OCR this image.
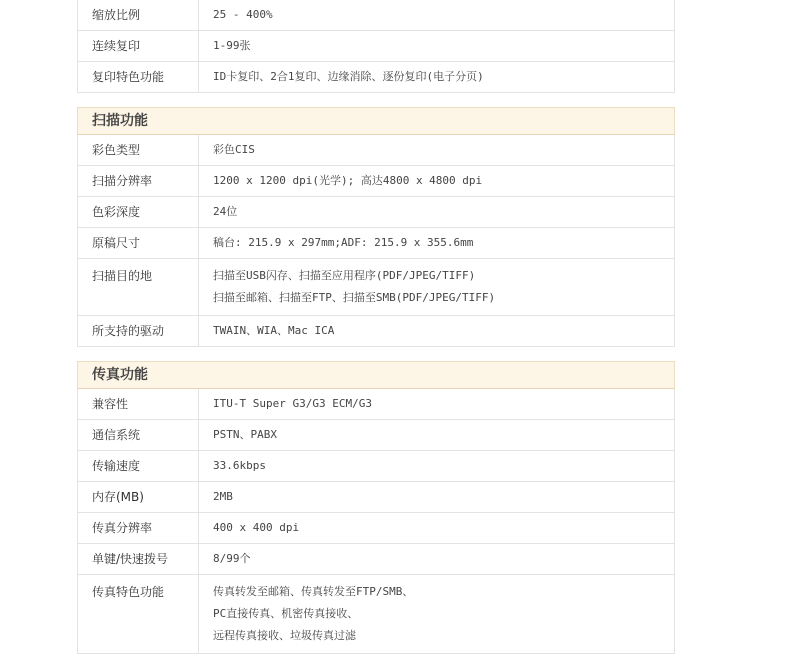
缩放比例	25 - 400%
连续复印	1-99张
复印特色功能	ID卡复印、2合1复印、边缘消除、逐份复印(电子分页)
扫描功能
彩色类型	彩色CIS
扫描分辨率	1200 x 1200 dpi(光学); 高达4800 x 4800 dpi
色彩深度	24位
原稿尺寸	稿台: 215.9 x 297mm;ADF: 215.9 x 355.6mm
扫描目的地	扫描至USB闪存、扫描至应用程序(PDF/JPEG/TIFF)
扫描至邮箱、扫描至FTP、扫描至SMB(PDF/JPEG/TIFF)

所支持的驱动	TWAIN、WIA、Mac ICA
传真功能
兼容性	ITU-T Super G3/G3 ECM/G3
通信系统	PSTN、PABX
传输速度	33.6kbps
内存(MB)	2MB
传真分辨率	400 x 400 dpi
单键/快速拨号	8/99个
传真特色功能	传真转发至邮箱、传真转发至FTP/SMB、
PC直接传真、机密传真接收、
远程传真接收、垃圾传真过滤
